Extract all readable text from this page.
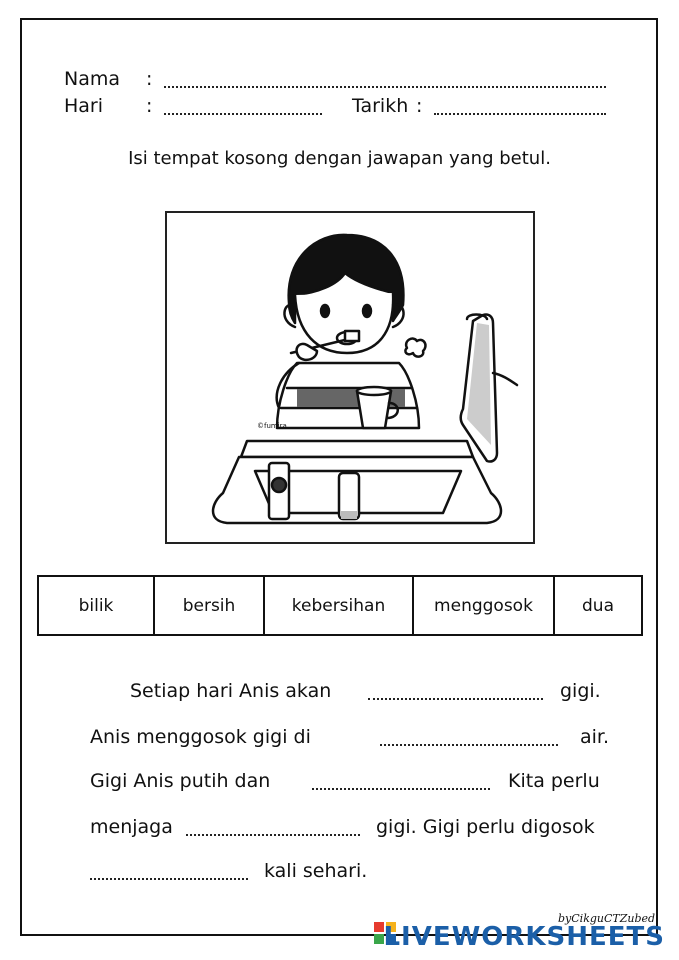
Nama :
Hari :	Tarikh :
Isi tempat kosong dengan jawapan yang betul.
©fumira
bilik	bersih	kebersihan	menggosok	dua
Setiap hari Anis akan	gigi.
Anis menggosok gigi di	air.
Gigi Anis putih dan	Kita perlu
menjaga	gigi. Gigi perlu digosok
kali sehari.
byCikguCTZubed
LIVEWORKSHEETS
